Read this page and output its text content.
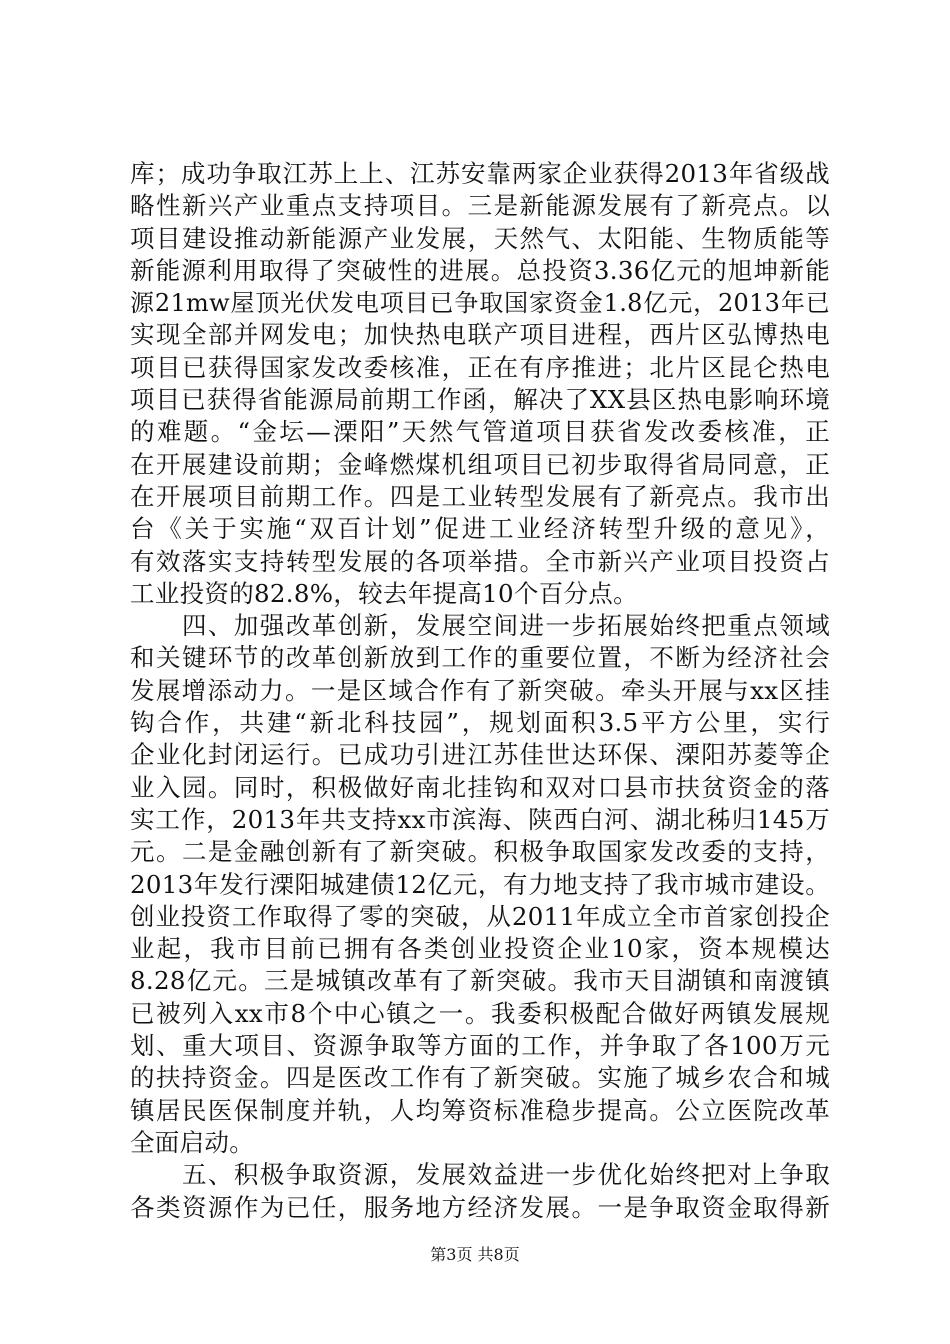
库；成功争取江苏上上、江苏安靠两家企业获得2013年省级战
略性新兴产业重点支持项目。三是新能源发展有了新亮点。以
项目建设推动新能源产业发展，天然气、太阳能、生物质能等
新能源利用取得了突破性的进展。总投资3.36亿元的旭坤新能
源21mw屋顶光伏发电项目已争取国家资金1.8亿元，2013年已
实现全部并网发电；加快热电联产项目进程，西片区弘博热电
项目已获得国家发改委核准，正在有序推进；北片区昆仑热电
项目已获得省能源局前期工作函，解决了XX县区热电影响环境
的难题。“金坛—溧阳”天然气管道项目获省发改委核准，正
在开展建设前期；金峰燃煤机组项目已初步取得省局同意，正
在开展项目前期工作。四是工业转型发展有了新亮点。我市出
台《关于实施“双百计划”促进工业经济转型升级的意见》，
有效落实支持转型发展的各项举措。全市新兴产业项目投资占
工业投资的82.8%，较去年提高10个百分点。
　　四、加强改革创新，发展空间进一步拓展始终把重点领域
和关键环节的改革创新放到工作的重要位置，不断为经济社会
发展增添动力。一是区域合作有了新突破。牵头开展与xx区挂
钩合作，共建“新北科技园”，规划面积3.5平方公里，实行
企业化封闭运行。已成功引进江苏佳世达环保、溧阳苏菱等企
业入园。同时，积极做好南北挂钩和双对口县市扶贫资金的落
实工作，2013年共支持xx市滨海、陕西白河、湖北秭归145万
元。二是金融创新有了新突破。积极争取国家发改委的支持，
2013年发行溧阳城建债12亿元，有力地支持了我市城市建设。
创业投资工作取得了零的突破，从2011年成立全市首家创投企
业起，我市目前已拥有各类创业投资企业10家，资本规模达
8.28亿元。三是城镇改革有了新突破。我市天目湖镇和南渡镇
已被列入xx市8个中心镇之一。我委积极配合做好两镇发展规
划、重大项目、资源争取等方面的工作，并争取了各100万元
的扶持资金。四是医改工作有了新突破。实施了城乡农合和城
镇居民医保制度并轨，人均筹资标准稳步提高。公立医院改革
全面启动。
　　五、积极争取资源，发展效益进一步优化始终把对上争取
各类资源作为已任，服务地方经济发展。一是争取资金取得新
第3页 共8页
